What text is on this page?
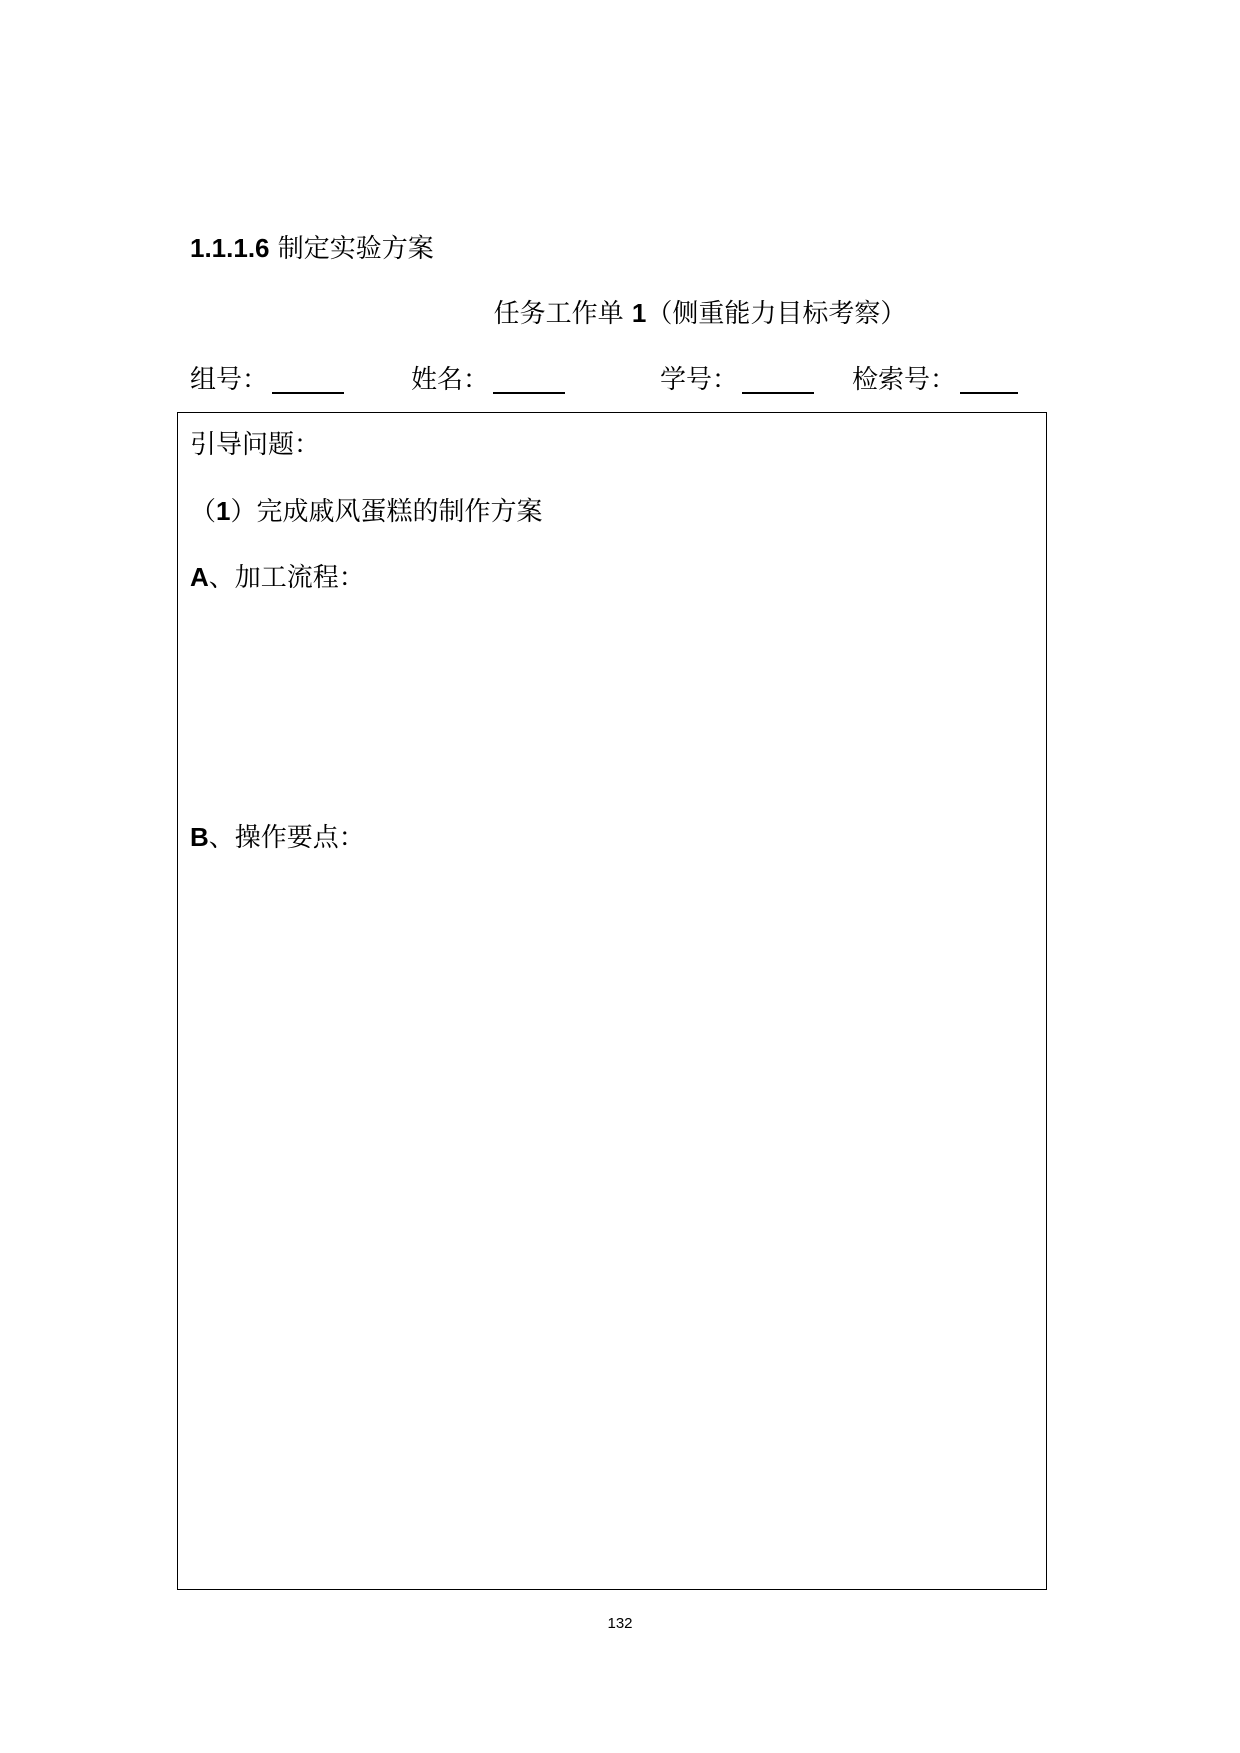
1.1.1.6 制定实验方案
任务工作单 1（侧重能力目标考察）
组号：	姓名：	学号：	检索号：
引导问题：
（1）完成戚风蛋糕的制作方案
A、加工流程：
B、操作要点：
132
